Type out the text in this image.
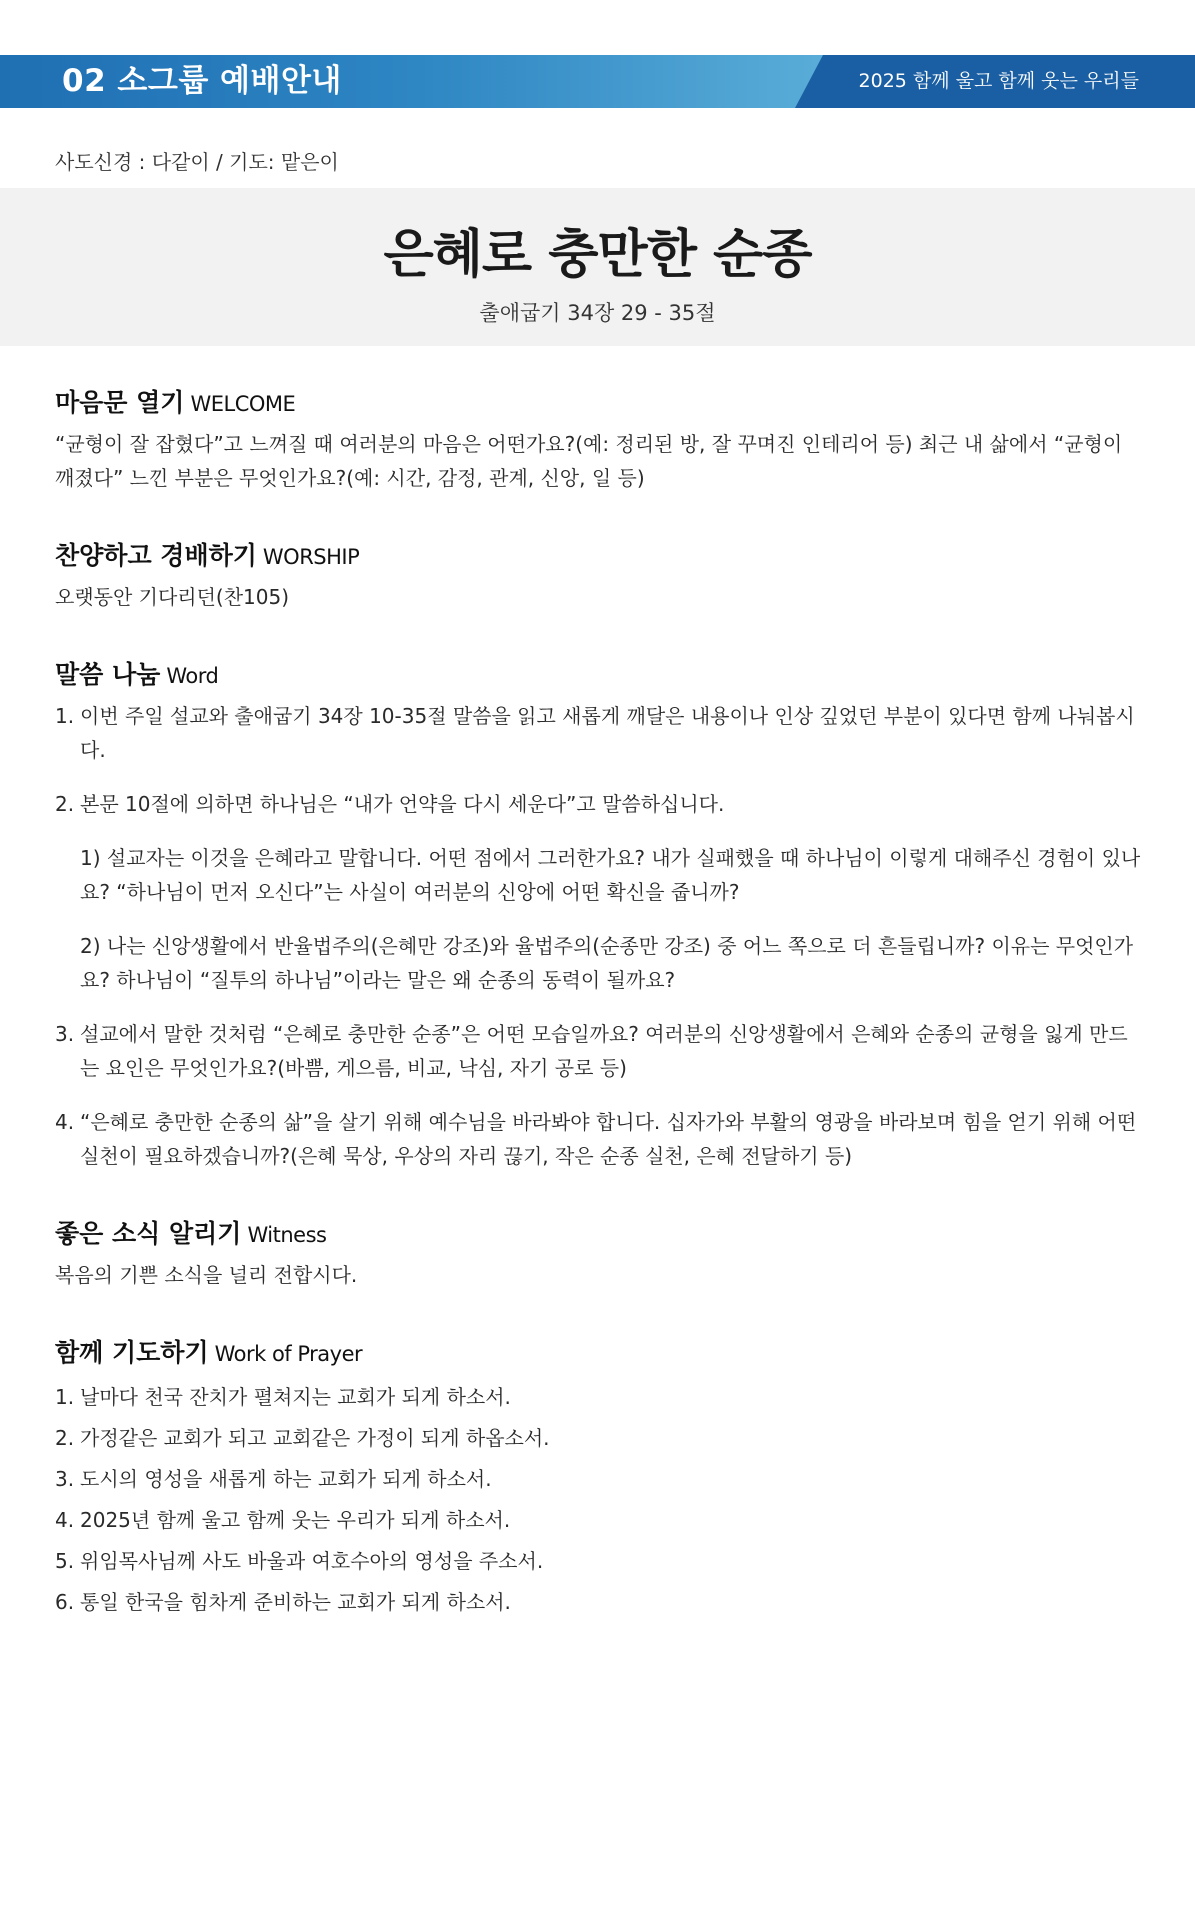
02 소그룹 예배안내	2025 함께 울고 함께 웃는 우리들
사도신경 : 다같이 / 기도: 맡은이
은혜로 충만한 순종
출애굽기 34장 29 - 35절
마음문 열기 WELCOME
“균형이 잘 잡혔다”고 느껴질 때 여러분의 마음은 어떤가요?(예: 정리된 방, 잘 꾸며진 인테리어 등) 최근 내 삶에서 “균형이 깨졌다” 느낀 부분은 무엇인가요?(예: 시간, 감정, 관계, 신앙, 일 등)
찬양하고 경배하기 WORSHIP
오랫동안 기다리던(찬105)
말씀 나눔 Word
1. 이번 주일 설교와 출애굽기 34장 10-35절 말씀을 읽고 새롭게 깨달은 내용이나 인상 깊었던 부분이 있다면 함께 나눠봅시다.
2. 본문 10절에 의하면 하나님은 “내가 언약을 다시 세운다”고 말씀하십니다.
1) 설교자는 이것을 은혜라고 말합니다. 어떤 점에서 그러한가요? 내가 실패했을 때 하나님이 이렇게 대해주신 경험이 있나요? “하나님이 먼저 오신다”는 사실이 여러분의 신앙에 어떤 확신을 줍니까?
2) 나는 신앙생활에서 반율법주의(은혜만 강조)와 율법주의(순종만 강조) 중 어느 쪽으로 더 흔들립니까? 이유는 무엇인가요? 하나님이 “질투의 하나님”이라는 말은 왜 순종의 동력이 될까요?
3. 설교에서 말한 것처럼 “은혜로 충만한 순종”은 어떤 모습일까요? 여러분의 신앙생활에서 은혜와 순종의 균형을 잃게 만드는 요인은 무엇인가요?(바쁨, 게으름, 비교, 낙심, 자기 공로 등)
4. “은혜로 충만한 순종의 삶”을 살기 위해 예수님을 바라봐야 합니다. 십자가와 부활의 영광을 바라보며 힘을 얻기 위해 어떤 실천이 필요하겠습니까?(은혜 묵상, 우상의 자리 끊기, 작은 순종 실천, 은혜 전달하기 등)
좋은 소식 알리기 Witness
복음의 기쁜 소식을 널리 전합시다.
함께 기도하기 Work of Prayer
1. 날마다 천국 잔치가 펼쳐지는 교회가 되게 하소서.
2. 가정같은 교회가 되고 교회같은 가정이 되게 하옵소서.
3. 도시의 영성을 새롭게 하는 교회가 되게 하소서.
4. 2025년 함께 울고 함께 웃는 우리가 되게 하소서.
5. 위임목사님께 사도 바울과 여호수아의 영성을 주소서.
6. 통일 한국을 힘차게 준비하는 교회가 되게 하소서.
